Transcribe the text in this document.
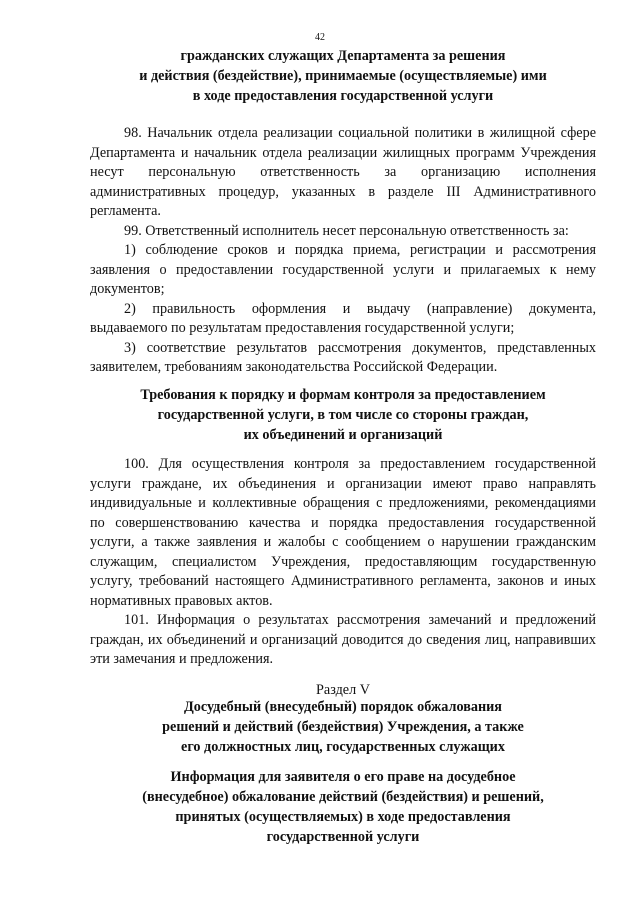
42
гражданских служащих Департамента за решения
и действия (бездействие), принимаемые (осуществляемые) ими
в ходе предоставления государственной услуги

98. Начальник отдела реализации социальной политики в жилищной сфере Департамента и начальник отдела реализации жилищных программ Учреждения несут персональную ответственность за организацию исполнения административных процедур, указанных в разделе III Административного регламента.

99. Ответственный исполнитель несет персональную ответственность за:

1) соблюдение сроков и порядка приема, регистрации и рассмотрения заявления о предоставлении государственной услуги и прилагаемых к нему документов;

2) правильность оформления и выдачу (направление) документа, выдаваемого по результатам предоставления государственной услуги;

3) соответствие результатов рассмотрения документов, представленных заявителем, требованиям законодательства Российской Федерации.

Требования к порядку и формам контроля за предоставлением
государственной услуги, в том числе со стороны граждан,
их объединений и организаций

100. Для осуществления контроля за предоставлением государственной услуги граждане, их объединения и организации имеют право направлять индивидуальные и коллективные обращения с предложениями, рекомендациями по совершенствованию качества и порядка предоставления государственной услуги, а также заявления и жалобы с сообщением о нарушении гражданским служащим, специалистом Учреждения, предоставляющим государственную услугу, требований настоящего Административного регламента, законов и иных нормативных правовых актов.

101. Информация о результатах рассмотрения замечаний и предложений граждан, их объединений и организаций доводится до сведения лиц, направивших эти замечания и предложения.

Раздел V
Досудебный (внесудебный) порядок обжалования
решений и действий (бездействия) Учреждения, а также
его должностных лиц, государственных служащих
Информация для заявителя о его праве на досудебное
(внесудебное) обжалование действий (бездействия) и решений,
принятых (осуществляемых) в ходе предоставления
государственной услуги
